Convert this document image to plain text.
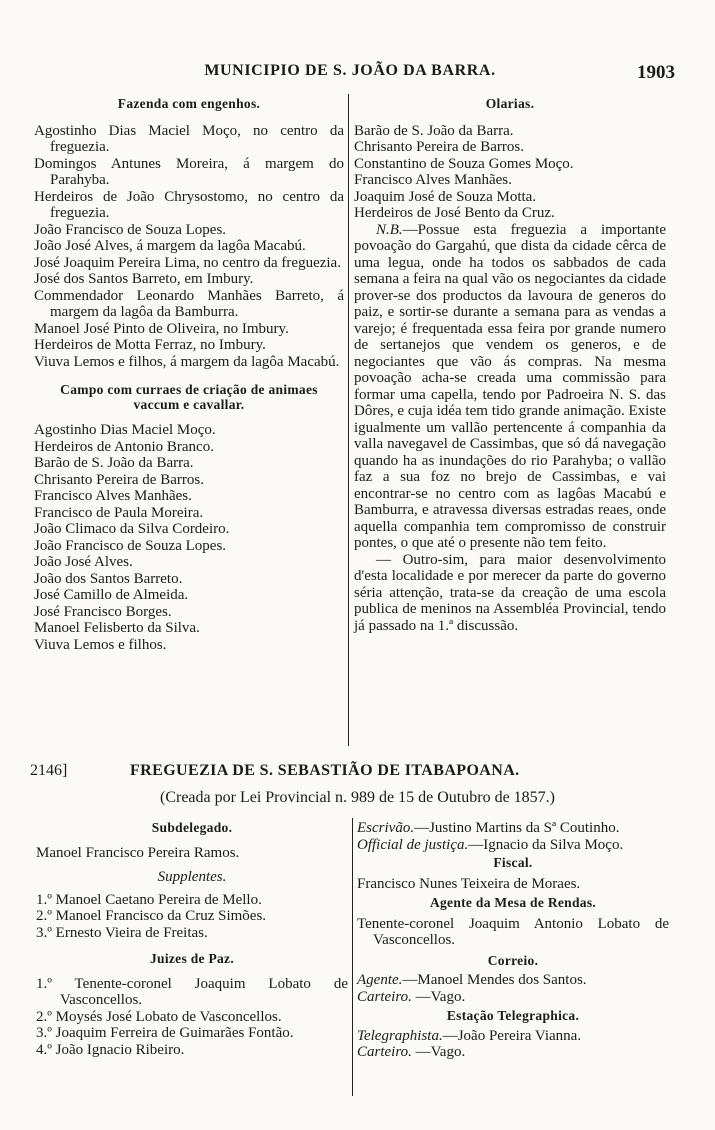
MUNICIPIO DE S. JOÃO DA BARRA.	1903

Fazenda com engenhos.

Agostinho Dias Maciel Moço, no centro da freguezia.

Domingos Antunes Moreira, á margem do Parahyba.

Herdeiros de João Chrysostomo, no centro da freguezia.

João Francisco de Souza Lopes.

João José Alves, á margem da lagôa Macabú.

José Joaquim Pereira Lima, no centro da freguezia.

José dos Santos Barreto, em Imbury.

Commendador Leonardo Manhães Barreto, á margem da lagôa da Bamburra.

Manoel José Pinto de Oliveira, no Imbury.

Herdeiros de Motta Ferraz, no Imbury.

Viuva Lemos e filhos, á margem da lagôa Macabú.

Campo com curraes de criação de animaes vaccum e cavallar.

Agostinho Dias Maciel Moço.

Herdeiros de Antonio Branco.

Barão de S. João da Barra.

Chrisanto Pereira de Barros.

Francisco Alves Manhães.

Francisco de Paula Moreira.

João Climaco da Silva Cordeiro.

João Francisco de Souza Lopes.

João José Alves.

João dos Santos Barreto.

José Camillo de Almeida.

José Francisco Borges.

Manoel Felisberto da Silva.

Viuva Lemos e filhos.

Olarias.

Barão de S. João da Barra.

Chrisanto Pereira de Barros.

Constantino de Souza Gomes Moço.

Francisco Alves Manhães.

Joaquim José de Souza Motta.

Herdeiros de José Bento da Cruz.

N.B.—Possue esta freguezia a importante povoação do Gargahú, que dista da cidade cêrca de uma legua, onde ha todos os sabbados de cada semana a feira na qual vão os negociantes da cidade prover-se dos productos da lavoura de generos do paiz, e sortir-se durante a semana para as vendas a varejo; é frequentada essa feira por grande numero de sertanejos que vendem os generos, e de negociantes que vão ás compras. Na mesma povoação acha-se creada uma commissão para formar uma capella, tendo por Padroeira N. S. das Dôres, e cuja idéa tem tido grande animação. Existe igualmente um vallão pertencente á companhia da valla navegavel de Cassimbas, que só dá navegação quando ha as inundações do rio Parahyba; o vallão faz a sua foz no brejo de Cassimbas, e vai encontrar-se no centro com as lagôas Macabú e Bamburra, e atravessa diversas estradas reaes, onde aquella companhia tem compromisso de construir pontes, o que até o presente não tem feito.

— Outro-sim, para maior desenvolvimento d'esta localidade e por merecer da parte do governo séria attenção, trata-se da creação de uma escola publica de meninos na Assembléa Provincial, tendo já passado na 1.ª discussão.

2146]	FREGUEZIA DE S. SEBASTIÃO DE ITABAPOANA.
(Creada por Lei Provincial n. 989 de 15 de Outubro de 1857.)

Subdelegado.

Manoel Francisco Pereira Ramos.

Supplentes.

1.º Manoel Caetano Pereira de Mello.

2.º Manoel Francisco da Cruz Simões.

3.º Ernesto Vieira de Freitas.

Juizes de Paz.

1.º Tenente-coronel Joaquim Lobato de Vasconcellos.

2.º Moysés José Lobato de Vasconcellos.

3.º Joaquim Ferreira de Guimarães Fontão.

4.º João Ignacio Ribeiro.

Escrivão.—Justino Martins da Sª Coutinho.

Official de justiça.—Ignacio da Silva Moço.

Fiscal.

Francisco Nunes Teixeira de Moraes.

Agente da Mesa de Rendas.

Tenente-coronel Joaquim Antonio Lobato de Vasconcellos.

Correio.

Agente.—Manoel Mendes dos Santos.

Carteiro. —Vago.

Estação Telegraphica.

Telegraphista.—João Pereira Vianna.

Carteiro. —Vago.
